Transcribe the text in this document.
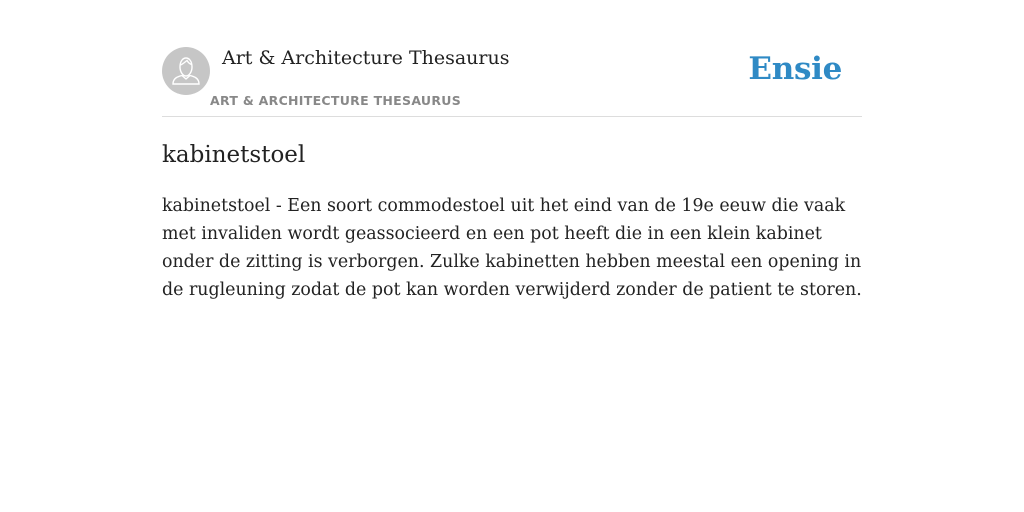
Art & Architecture Thesaurus
ART & ARCHITECTURE THESAURUS
Ensie
kabinetstoel

kabinetstoel - Een soort commodestoel uit het eind van de 19e eeuw die vaak met invaliden wordt geassocieerd en een pot heeft die in een klein kabinet onder de zitting is verborgen. Zulke kabinetten hebben meestal een opening in de rugleuning zodat de pot kan worden verwijderd zonder de patient te storen.
